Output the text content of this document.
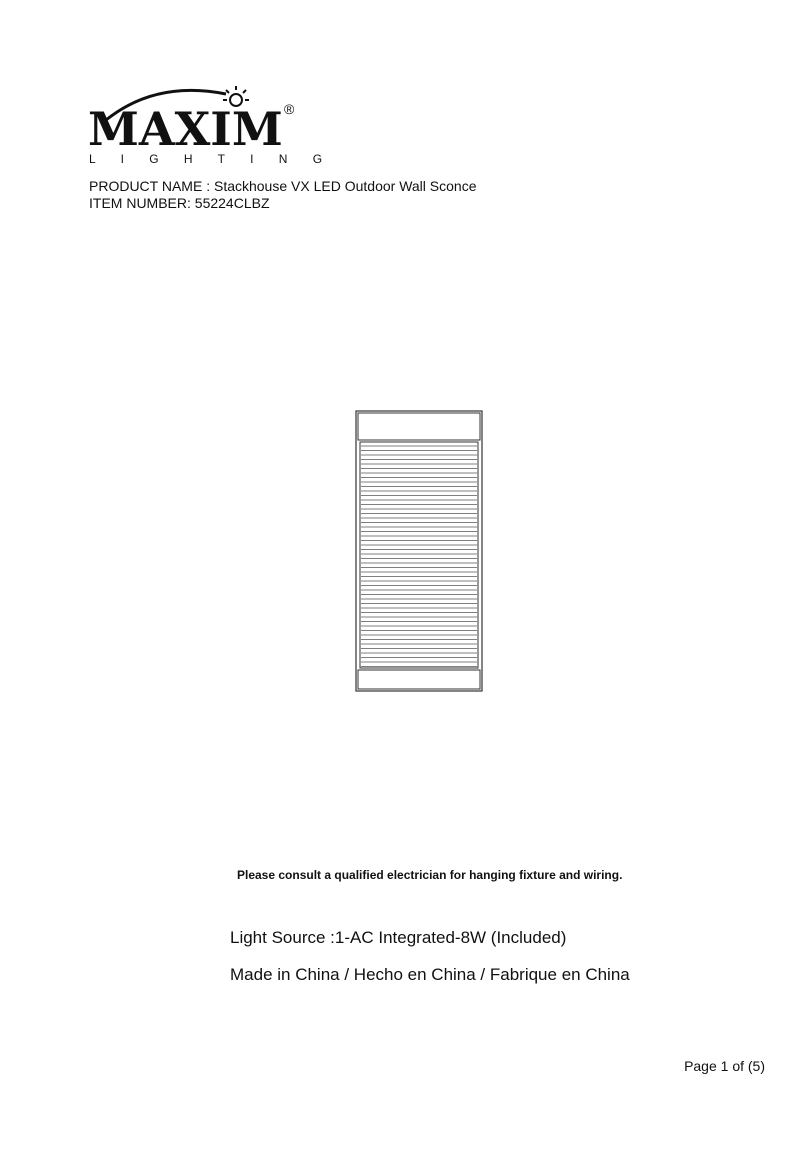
MAXIM ®
L I G H T I N G
PRODUCT NAME : Stackhouse VX LED Outdoor Wall Sconce
ITEM NUMBER: 55224CLBZ
Please consult a qualified electrician for hanging fixture and wiring.
Light Source :1-AC Integrated-8W (Included)
Made in China / Hecho en China / Fabrique en China
Page 1 of (5)
